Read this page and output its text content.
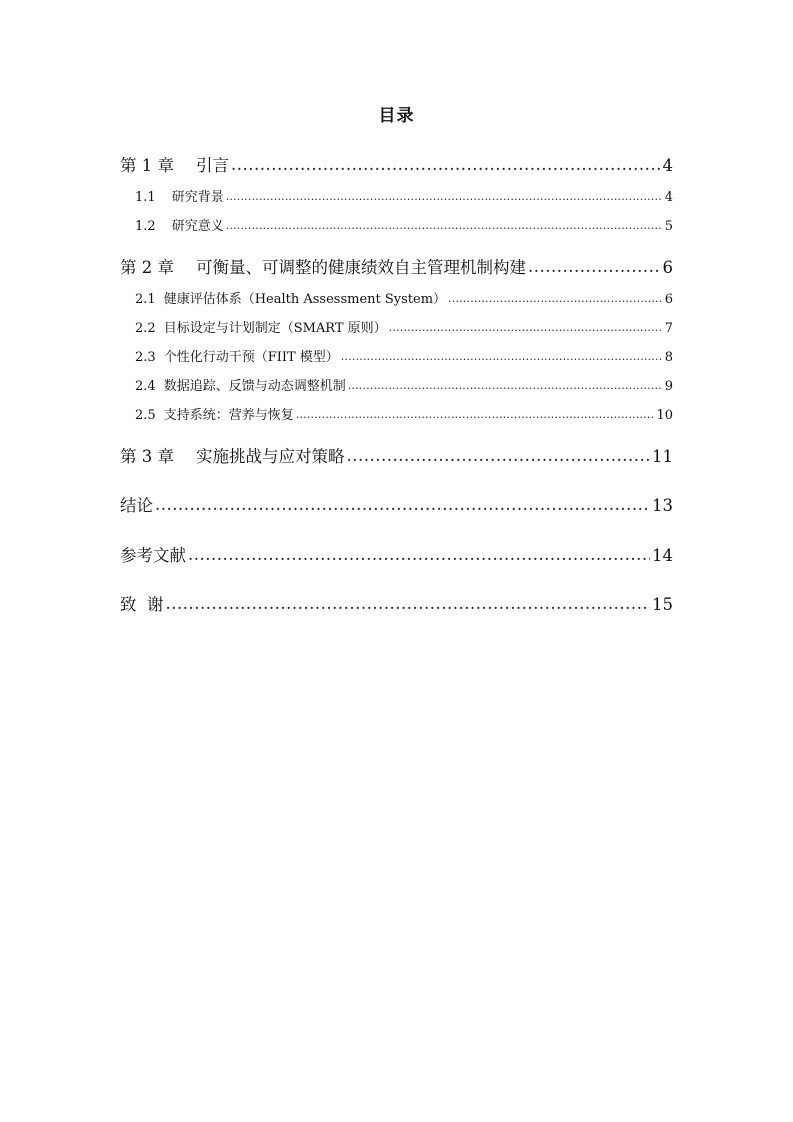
目录
第 1 章 引言 .....	4
1.1 研究背景 .....	4
1.2 研究意义 .....	5
第 2 章 可衡量、可调整的健康绩效自主管理机制构建 .....	6
2.1 健康评估体系（Health Assessment System） .....	6
2.2 目标设定与计划制定（SMART 原则） .....	7
2.3 个性化行动干预（FIIT 模型） .....	8
2.4 数据追踪、反馈与动态调整机制 .....	9
2.5 支持系统：营养与恢复 .....	10
第 3 章 实施挑战与应对策略 .....	11
结论 .....	13
参考文献 .....	14
致  谢 .....	15
